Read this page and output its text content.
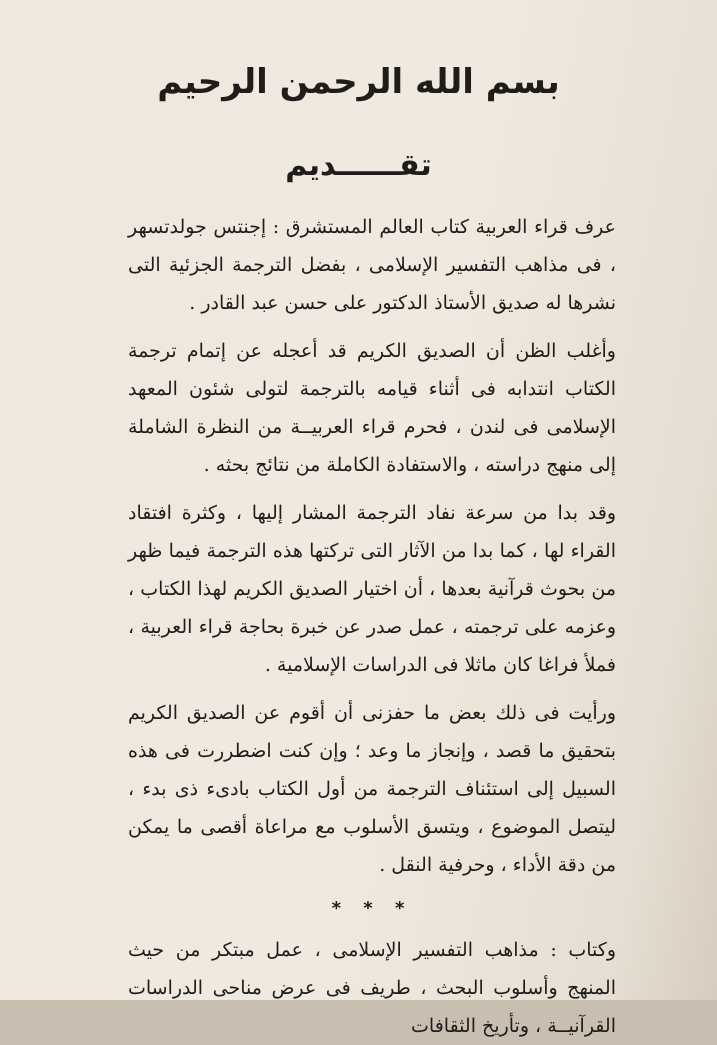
بسم الله الرحمن الرحيم
تقــــــديم

عرف قراء العربية كتاب العالم المستشرق : إجنتس جولدتسهر ، فى مذاهب التفسير الإسلامى ، بفضل الترجمة الجزئية التى نشرها له صديق الأستاذ الدكتور على حسن عبد القادر .

وأغلب الظن أن الصديق الكريم قد أعجله عن إتمام ترجمة الكتاب انتدابه فى أثناء قيامه بالترجمة لتولى شئون المعهد الإسلامى فى لندن ، فحرم قراء العربيــة من النظرة الشاملة إلى منهج دراسته ، والاستفادة الكاملة من نتائج بحثه .

وقد بدا من سرعة نفاد الترجمة المشار إليها ، وكثرة افتقاد القراء لها ، كما بدا من الآثار التى تركتها هذه الترجمة فيما ظهر من بحوث قرآنية بعدها ، أن اختيار الصديق الكريم لهذا الكتاب ، وعزمه على ترجمته ، عمل صدر عن خبرة بحاجة قراء العربية ، فملأ فراغا كان ماثلا فى الدراسات الإسلامية .

ورأيت فى ذلك بعض ما حفزنى أن أقوم عن الصديق الكريم بتحقيق ما قصد ، وإنجاز ما وعد ؛ وإن كنت اضطررت فى هذه السبيل إلى استئناف الترجمة من أول الكتاب بادىء ذى بدء ، ليتصل الموضوع ، ويتسق الأسلوب مع مراعاة أقصى ما يمكن من دقة الأداء ، وحرفية النقل .

* * *

وكتاب : مذاهب التفسير الإسلامى ، عمل مبتكر من حيث المنهج وأسلوب البحث ، طريف فى عرض مناحى الدراسات القرآنيــة ، وتأريخ الثقافات
